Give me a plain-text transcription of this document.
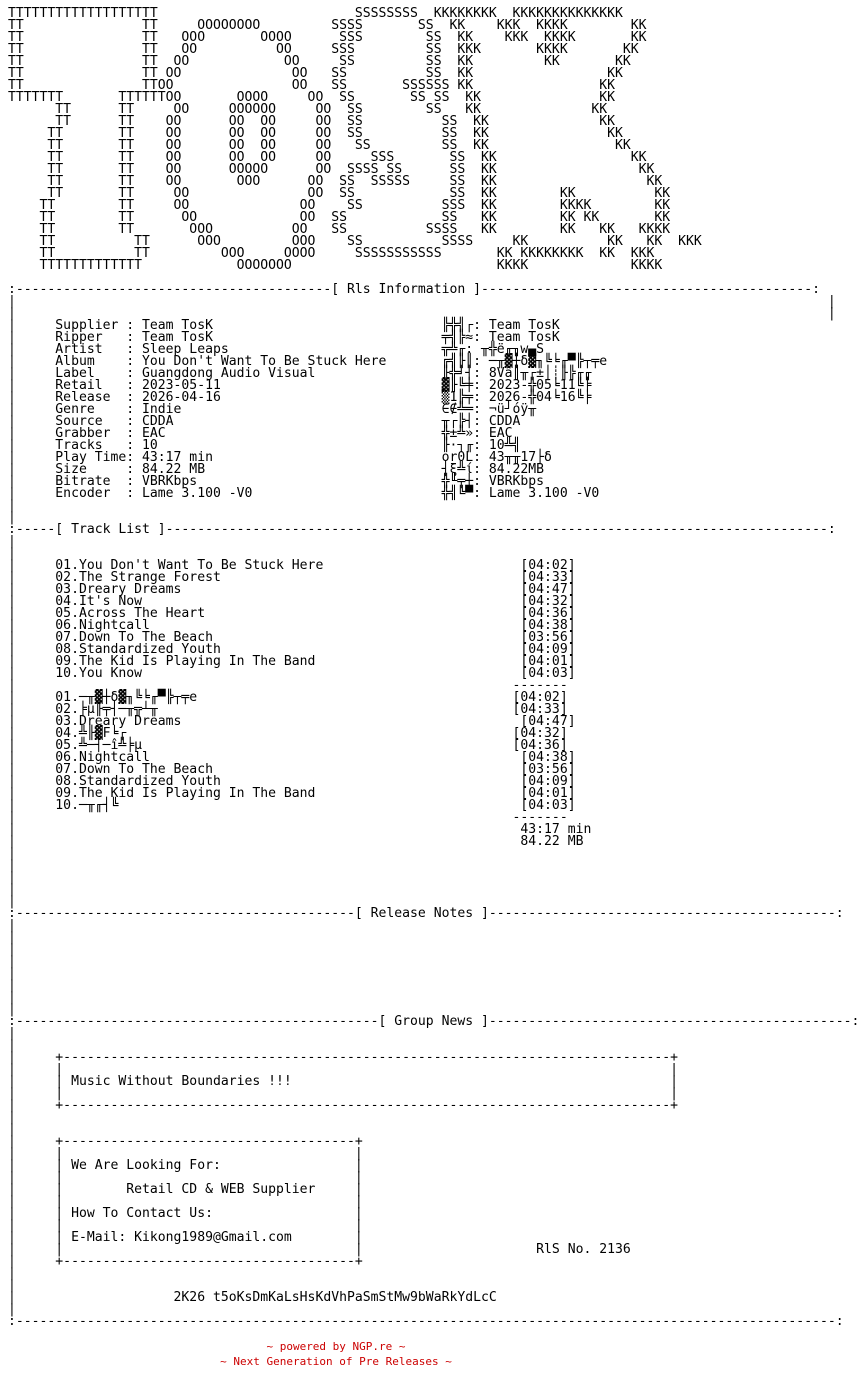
TTTTTTTTTTTTTTTTTTT                         SSSSSSSS  KKKKKKKK  KKKKKKKKKKKKKK
TT               TT     OOOOOOOO         SSSS       SS  KK    KKK  KKKK        KK
TT               TT   OOO       OOOO      SSS        SS  KK    KKK  KKKK       KK
TT               TT   OO          OO     SSS         SS  KKK       KKKK       KK
TT               TT  OO            OO     SS         SS  KK         KK       KK
TT               TT OO              OO   SS          SS  KK                 KK
TT               TTOO               OO   SS       SSSSSS KK                KK
TTTTTTT       TTTTTTOO       OOOO     OO  SS       SS SS  KK               KK
TT      TT     OO     OOOOOO     OO  SS        SS   KK              KK
TT      TT    OO      OO  OO     OO  SS          SS  KK              KK
TT       TT    OO      OO  OO     OO  SS          SS  KK               KK
TT       TT    OO      OO  OO     OO   SS         SS  KK                KK
TT       TT    OO      OO  OO     OO     SSS       SS  KK                 KK
TT       TT    OO      OOOOO      OO  SSSS SS      SS  KK                  KK
TT       TT    OO       OOO      OO  SS  SSSSS     SS  KK                   KK
TT       TT     OO               OO  SS            SS  KK        KK          KK
TT        TT     OO              OO    SS          SSS  KK        KKKK        KK
TT        TT      OO             OO  SS            SS   KK        KK KK       KK
TT        TT       OOO          OO   SS          SSSS   KK        KK   KK   KKKK
TT          TT      OOO         OOO    SS          SSSS     KK          KK   KK  KKK
TT          TT         OOO     OOOO     SSSSSSSSSSS       KK KKKKKKKK  KK  KKK
TTTTTTTTTTTTT            OOOOOOO                          KKKK             KKKK

:----------------------------------------[ Rls Information ]------------------------------------------:
|                                                                                                       |
|                                                                                                       |
|     Supplier : Team TosK                             ╠╬╣┌: Team TosK
|     Ripper   : Team TosK                             ╤╣╠≈: Team TosK
|     Artist   : Sleep Leaps                           ╦╩╓: ╥╬ë╓╖w▄S
|     Album    : You Don't Want To Be Stuck Here       ╔╣╟║: ─╥▓┼δ▓╖╚╘╓▀╠┬╤e
|     Label    : Guangdong Audio Visual                ╟╬╛┤: 8Vâ║╥┌±│┊╟╠╓╓
|     Retail   : 2023-05-11                            ▓╟╚╪: 2023-╬05╘11╚╞
|     Release  : 2026-04-16                            ▒1╠╤: 2026-╬04╘16╚╞
|     Genre    : Indie                                 ∈∉╩═: ¬ü┘óÿ╥
|     Source   : CDDA                                  ╥┌╠┤: CDDA
|     Grabber  : EAC                                   ╬±╩»: EAC
|     Tracks   : 10                                    ╟·┐╓: 10╩╣
|     Play Time: 43:17 min                             or0L: 43╥╥17├δ
|     Size     : 84.22 MB                              ┤ξ╩ί: 84.22MB
|     Bitrate  : VBRKbps                               ╬╙╤┼: VBRKbps
|     Encoder  : Lame 3.100 -V0                        ╬╣╚▀: Lame 3.100 -V0
|
|
:-----[ Track List ]------------------------------------------------------------------------------------:
|
|
|     01.You Don't Want To Be Stuck Here                         [04:02]
|     02.The Strange Forest                                      [04:33]
|     03.Dreary Dreams                                           [04:47]
|     04.It's Now                                                [04:32]
|     05.Across The Heart                                        [04:36]
|     06.Nightcall                                               [04:38]
|     07.Down To The Beach                                       [03:56]
|     08.Standardized Youth                                      [04:09]
|     09.The Kid Is Playing In The Band                          [04:01]
|     10.You Know                                                [04:03]
|                                                               -------
|     01.─╥▓┼δ▓╖╚╘╓▀╠┬╤e                                        [04:02]
|     02.╞μ╟╤┤─╥╦┴╥                                             [04:33]
|     03.Dreary Dreams                                           [04:47]
|     04.╩╟▓F╘┌                                                 [04:32]
|     05.╩─┤─î╩╞μ                                               [04:36]
|     06.Nightcall                                               [04:38]
|     07.Down To The Beach                                       [03:56]
|     08.Standardized Youth                                      [04:09]
|     09.The Kid Is Playing In The Band                          [04:01]
|     10.─╥╓┤╚                                                   [04:03]
|                                                               -------
|                                                                43:17 min
|                                                                84.22 MB
|
|
|
|
|
:-------------------------------------------[ Release Notes ]--------------------------------------------:
|
|
|
|
|
|
|
|
:----------------------------------------------[ Group News ]----------------------------------------------:
|
|
|     +-----------------------------------------------------------------------------+
|     |                                                                             |
|     | Music Without Boundaries !!!                                                |
|     |                                                                             |
|     +-----------------------------------------------------------------------------+
|
|
|     +-------------------------------------+
|     |                                     |
|     | We Are Looking For:                 |
|     |                                     |
|     |        Retail CD & WEB Supplier     |
|     |                                     |
|     | How To Contact Us:                  |
|     |                                     |
|     | E-Mail: Kikong1989@Gmail.com        |
|     |                                     |                      RlS No. 2136
|     +-------------------------------------+
|
|
|                    2K26 t5oKsDmKaLsHsKdVhPaSmStMw9bWaRkYdLcC
|
:--------------------------------------------------------------------------------------------------------:
~ powered by NGP.re ~
~ Next Generation of Pre Releases ~
